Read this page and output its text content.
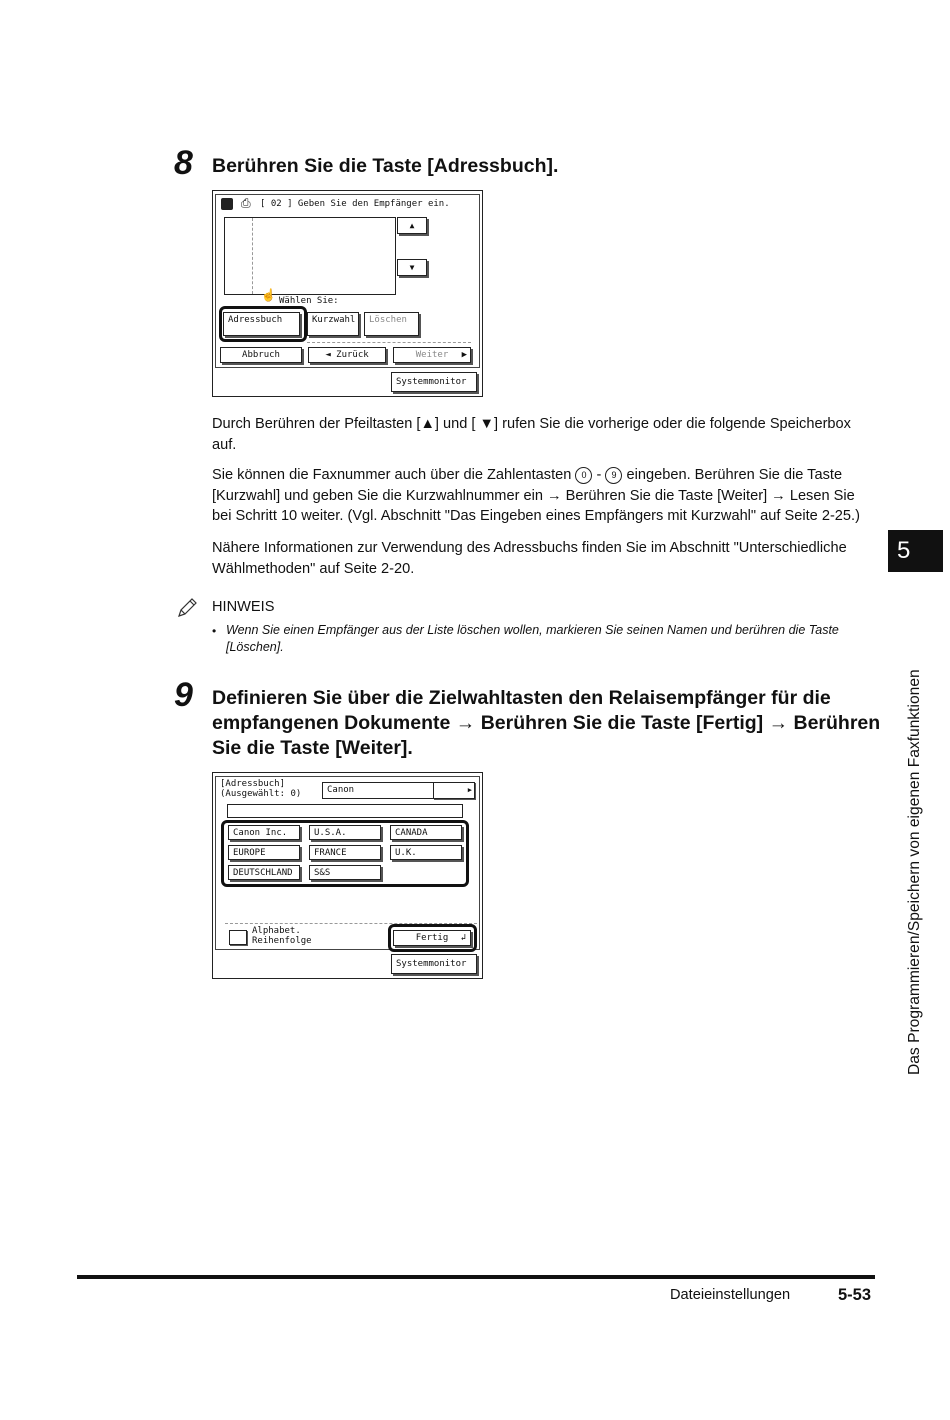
8 Berühren Sie die Taste [Adressbuch].
⎙ [ 02 ] Geben Sie den Empfänger ein.
▲
▼
☝ Wählen Sie:
Adressbuch	Kurzwahl	Löschen
Abbruch	◄ Zurück	Weiter ▶
Systemmonitor
Durch Berühren der Pfeiltasten [▲] und [ ▼] rufen Sie die vorherige oder die folgende Speicherbox auf.
Sie können die Faxnummer auch über die Zahlentasten 0 - 9 eingeben. Berühren Sie die Taste [Kurzwahl] und geben Sie die Kurzwahlnummer ein → Berühren Sie die Taste [Weiter] → Lesen Sie bei Schritt 10 weiter. (Vgl. Abschnitt "Das Eingeben eines Empfängers mit Kurzwahl" auf Seite 2-25.)
Nähere Informationen zur Verwendung des Adressbuchs finden Sie im Abschnitt "Unterschiedliche Wählmethoden" auf Seite 2-20.
HINWEIS
• Wenn Sie einen Empfänger aus der Liste löschen wollen, markieren Sie seinen Namen und berühren die Taste [Löschen].
9 Definieren Sie über die Zielwahltasten den Relaisempfänger für die
empfangenen Dokumente → Berühren Sie die Taste [Fertig] → Berühren
Sie die Taste [Weiter].
[Adressbuch]
(Ausgewählt: 0)	Canon	▶
Canon Inc.	U.S.A.	CANADA
EUROPE	FRANCE	U.K.
DEUTSCHLAND	S&S
Alphabet.
Reihenfolge	Fertig ↲
Systemmonitor
5
Das Programmieren/Speichern von eigenen Faxfunktionen
Dateieinstellungen	5-53
